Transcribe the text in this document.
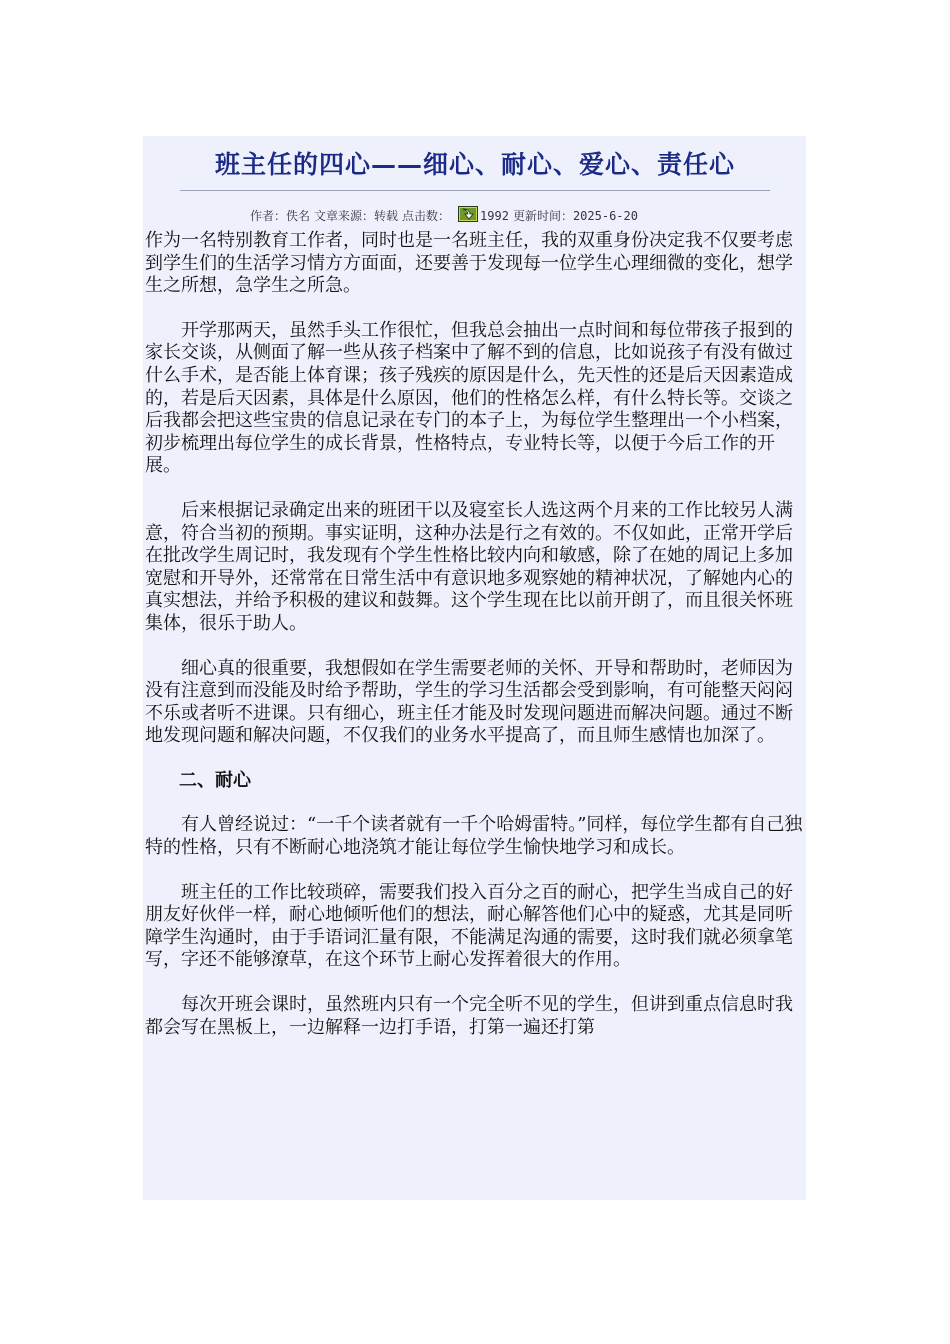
班主任的四心——细心、耐心、爱心、责任心
作者：佚名 文章来源：转载 点击数：	1992 更新时间：2025-6-20

作为一名特别教育工作者，同时也是一名班主任，我的双重身份决定我不仅要考虑到学生们的生活学习情方方面面，还要善于发现每一位学生心理细微的变化，想学生之所想，急学生之所急。

开学那两天，虽然手头工作很忙，但我总会抽出一点时间和每位带孩子报到的家长交谈，从侧面了解一些从孩子档案中了解不到的信息，比如说孩子有没有做过什么手术，是否能上体育课；孩子残疾的原因是什么，先天性的还是后天因素造成的，若是后天因素，具体是什么原因，他们的性格怎么样，有什么特长等。交谈之后我都会把这些宝贵的信息记录在专门的本子上，为每位学生整理出一个小档案，初步梳理出每位学生的成长背景，性格特点，专业特长等，以便于今后工作的开展。

后来根据记录确定出来的班团干以及寝室长人选这两个月来的工作比较另人满意，符合当初的预期。事实证明，这种办法是行之有效的。不仅如此，正常开学后在批改学生周记时，我发现有个学生性格比较内向和敏感，除了在她的周记上多加宽慰和开导外，还常常在日常生活中有意识地多观察她的精神状况，了解她内心的真实想法，并给予积极的建议和鼓舞。这个学生现在比以前开朗了，而且很关怀班集体，很乐于助人。

细心真的很重要，我想假如在学生需要老师的关怀、开导和帮助时，老师因为没有注意到而没能及时给予帮助，学生的学习生活都会受到影响，有可能整天闷闷不乐或者听不进课。只有细心，班主任才能及时发现问题进而解决问题。通过不断地发现问题和解决问题，不仅我们的业务水平提高了，而且师生感情也加深了。

二、耐心

有人曾经说过：“一千个读者就有一千个哈姆雷特。”同样，每位学生都有自己独特的性格，只有不断耐心地浇筑才能让每位学生愉快地学习和成长。

班主任的工作比较琐碎，需要我们投入百分之百的耐心，把学生当成自己的好朋友好伙伴一样，耐心地倾听他们的想法，耐心解答他们心中的疑惑，尤其是同听障学生沟通时，由于手语词汇量有限，不能满足沟通的需要，这时我们就必须拿笔写，字还不能够潦草，在这个环节上耐心发挥着很大的作用。

每次开班会课时，虽然班内只有一个完全听不见的学生，但讲到重点信息时我都会写在黑板上，一边解释一边打手语，打第一遍还打第
